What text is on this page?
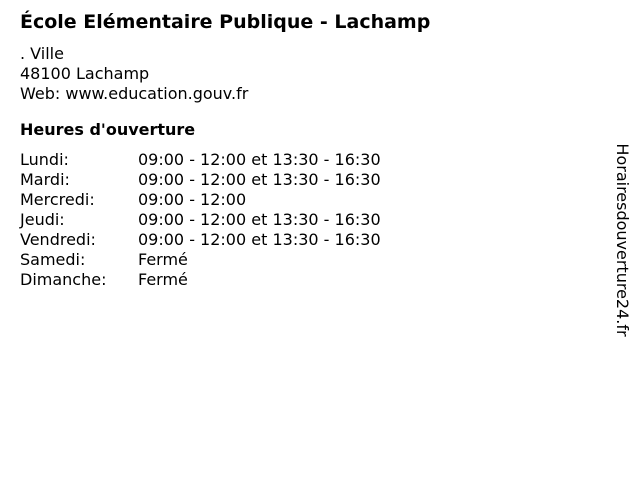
École Elémentaire Publique - Lachamp
. Ville
48100 Lachamp
Web: www.education.gouv.fr
Heures d'ouverture
Lundi:	09:00 - 12:00 et 13:30 - 16:30
Mardi:	09:00 - 12:00 et 13:30 - 16:30
Mercredi:	09:00 - 12:00
Jeudi:	09:00 - 12:00 et 13:30 - 16:30
Vendredi:	09:00 - 12:00 et 13:30 - 16:30
Samedi:	Fermé
Dimanche:	Fermé	Horairesdouverture24.fr
